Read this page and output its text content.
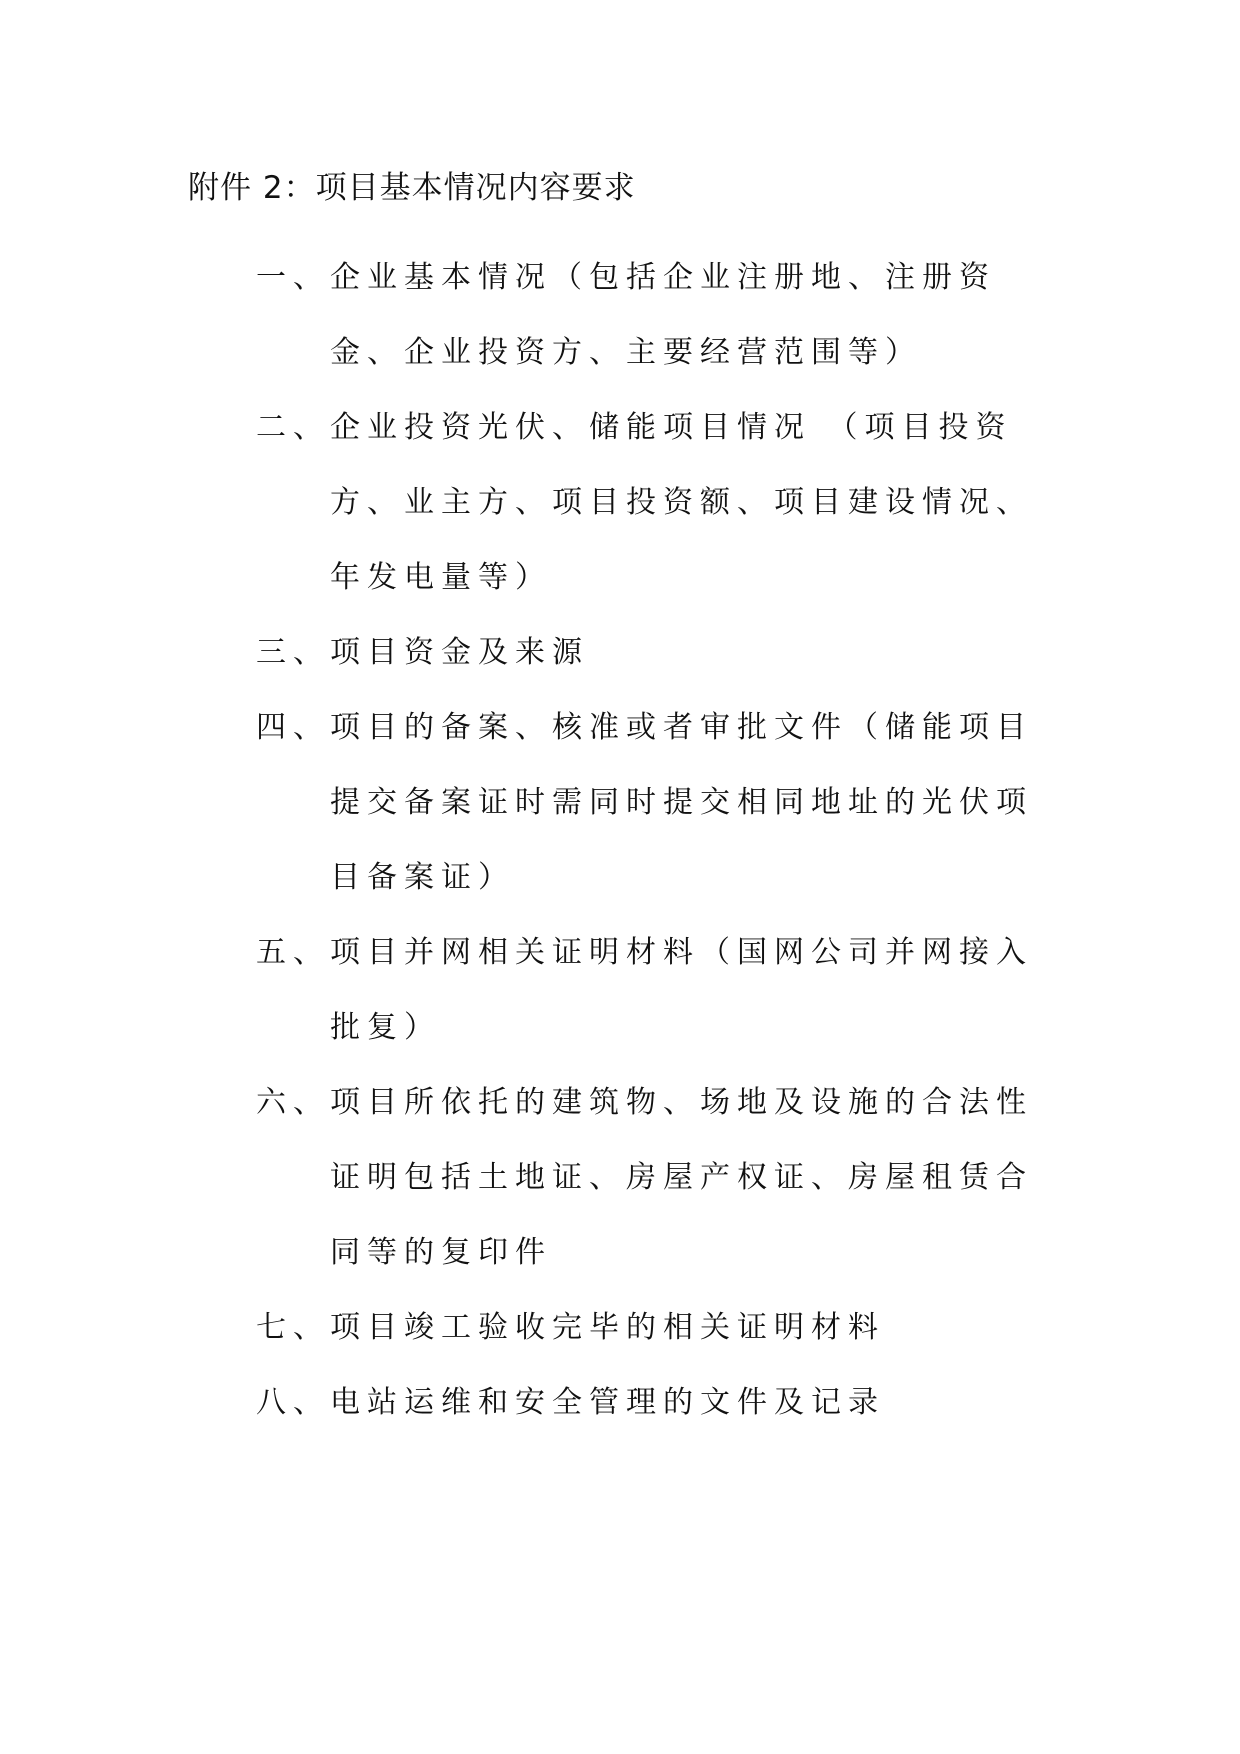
附件 2：项目基本情况内容要求
一、 企业基本情况（包括企业注册地、注册资金、企业投资方、主要经营范围等）
二、 企业投资光伏、储能项目情况 （项目投资方、业主方、项目投资额、项目建设情况、年发电量等）
三、 项目资金及来源
四、 项目的备案、核准或者审批文件（储能项目提交备案证时需同时提交相同地址的光伏项目备案证）
五、 项目并网相关证明材料（国网公司并网接入批复）
六、 项目所依托的建筑物、场地及设施的合法性证明包括土地证、房屋产权证、房屋租赁合同等的复印件
七、 项目竣工验收完毕的相关证明材料
八、 电站运维和安全管理的文件及记录
